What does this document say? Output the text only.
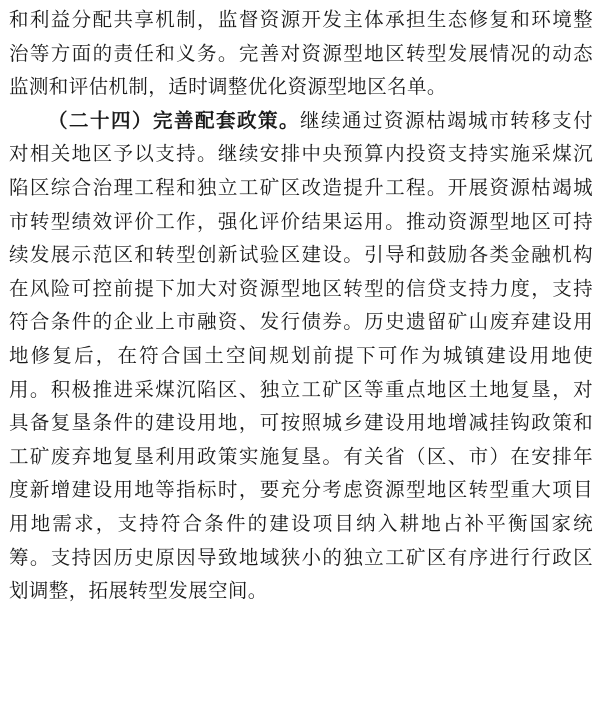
和利益分配共享机制，监督资源开发主体承担生态修复和环境整
治等方面的责任和义务。完善对资源型地区转型发展情况的动态
监测和评估机制，适时调整优化资源型地区名单。
（二十四）完善配套政策。继续通过资源枯竭城市转移支付
对相关地区予以支持。继续安排中央预算内投资支持实施采煤沉
陷区综合治理工程和独立工矿区改造提升工程。开展资源枯竭城
市转型绩效评价工作，强化评价结果运用。推动资源型地区可持
续发展示范区和转型创新试验区建设。引导和鼓励各类金融机构
在风险可控前提下加大对资源型地区转型的信贷支持力度，支持
符合条件的企业上市融资、发行债券。历史遗留矿山废弃建设用
地修复后，在符合国土空间规划前提下可作为城镇建设用地使
用。积极推进采煤沉陷区、独立工矿区等重点地区土地复垦，对
具备复垦条件的建设用地，可按照城乡建设用地增减挂钩政策和
工矿废弃地复垦利用政策实施复垦。有关省（区、市）在安排年
度新增建设用地等指标时，要充分考虑资源型地区转型重大项目
用地需求，支持符合条件的建设项目纳入耕地占补平衡国家统
筹。支持因历史原因导致地域狭小的独立工矿区有序进行行政区
划调整，拓展转型发展空间。
